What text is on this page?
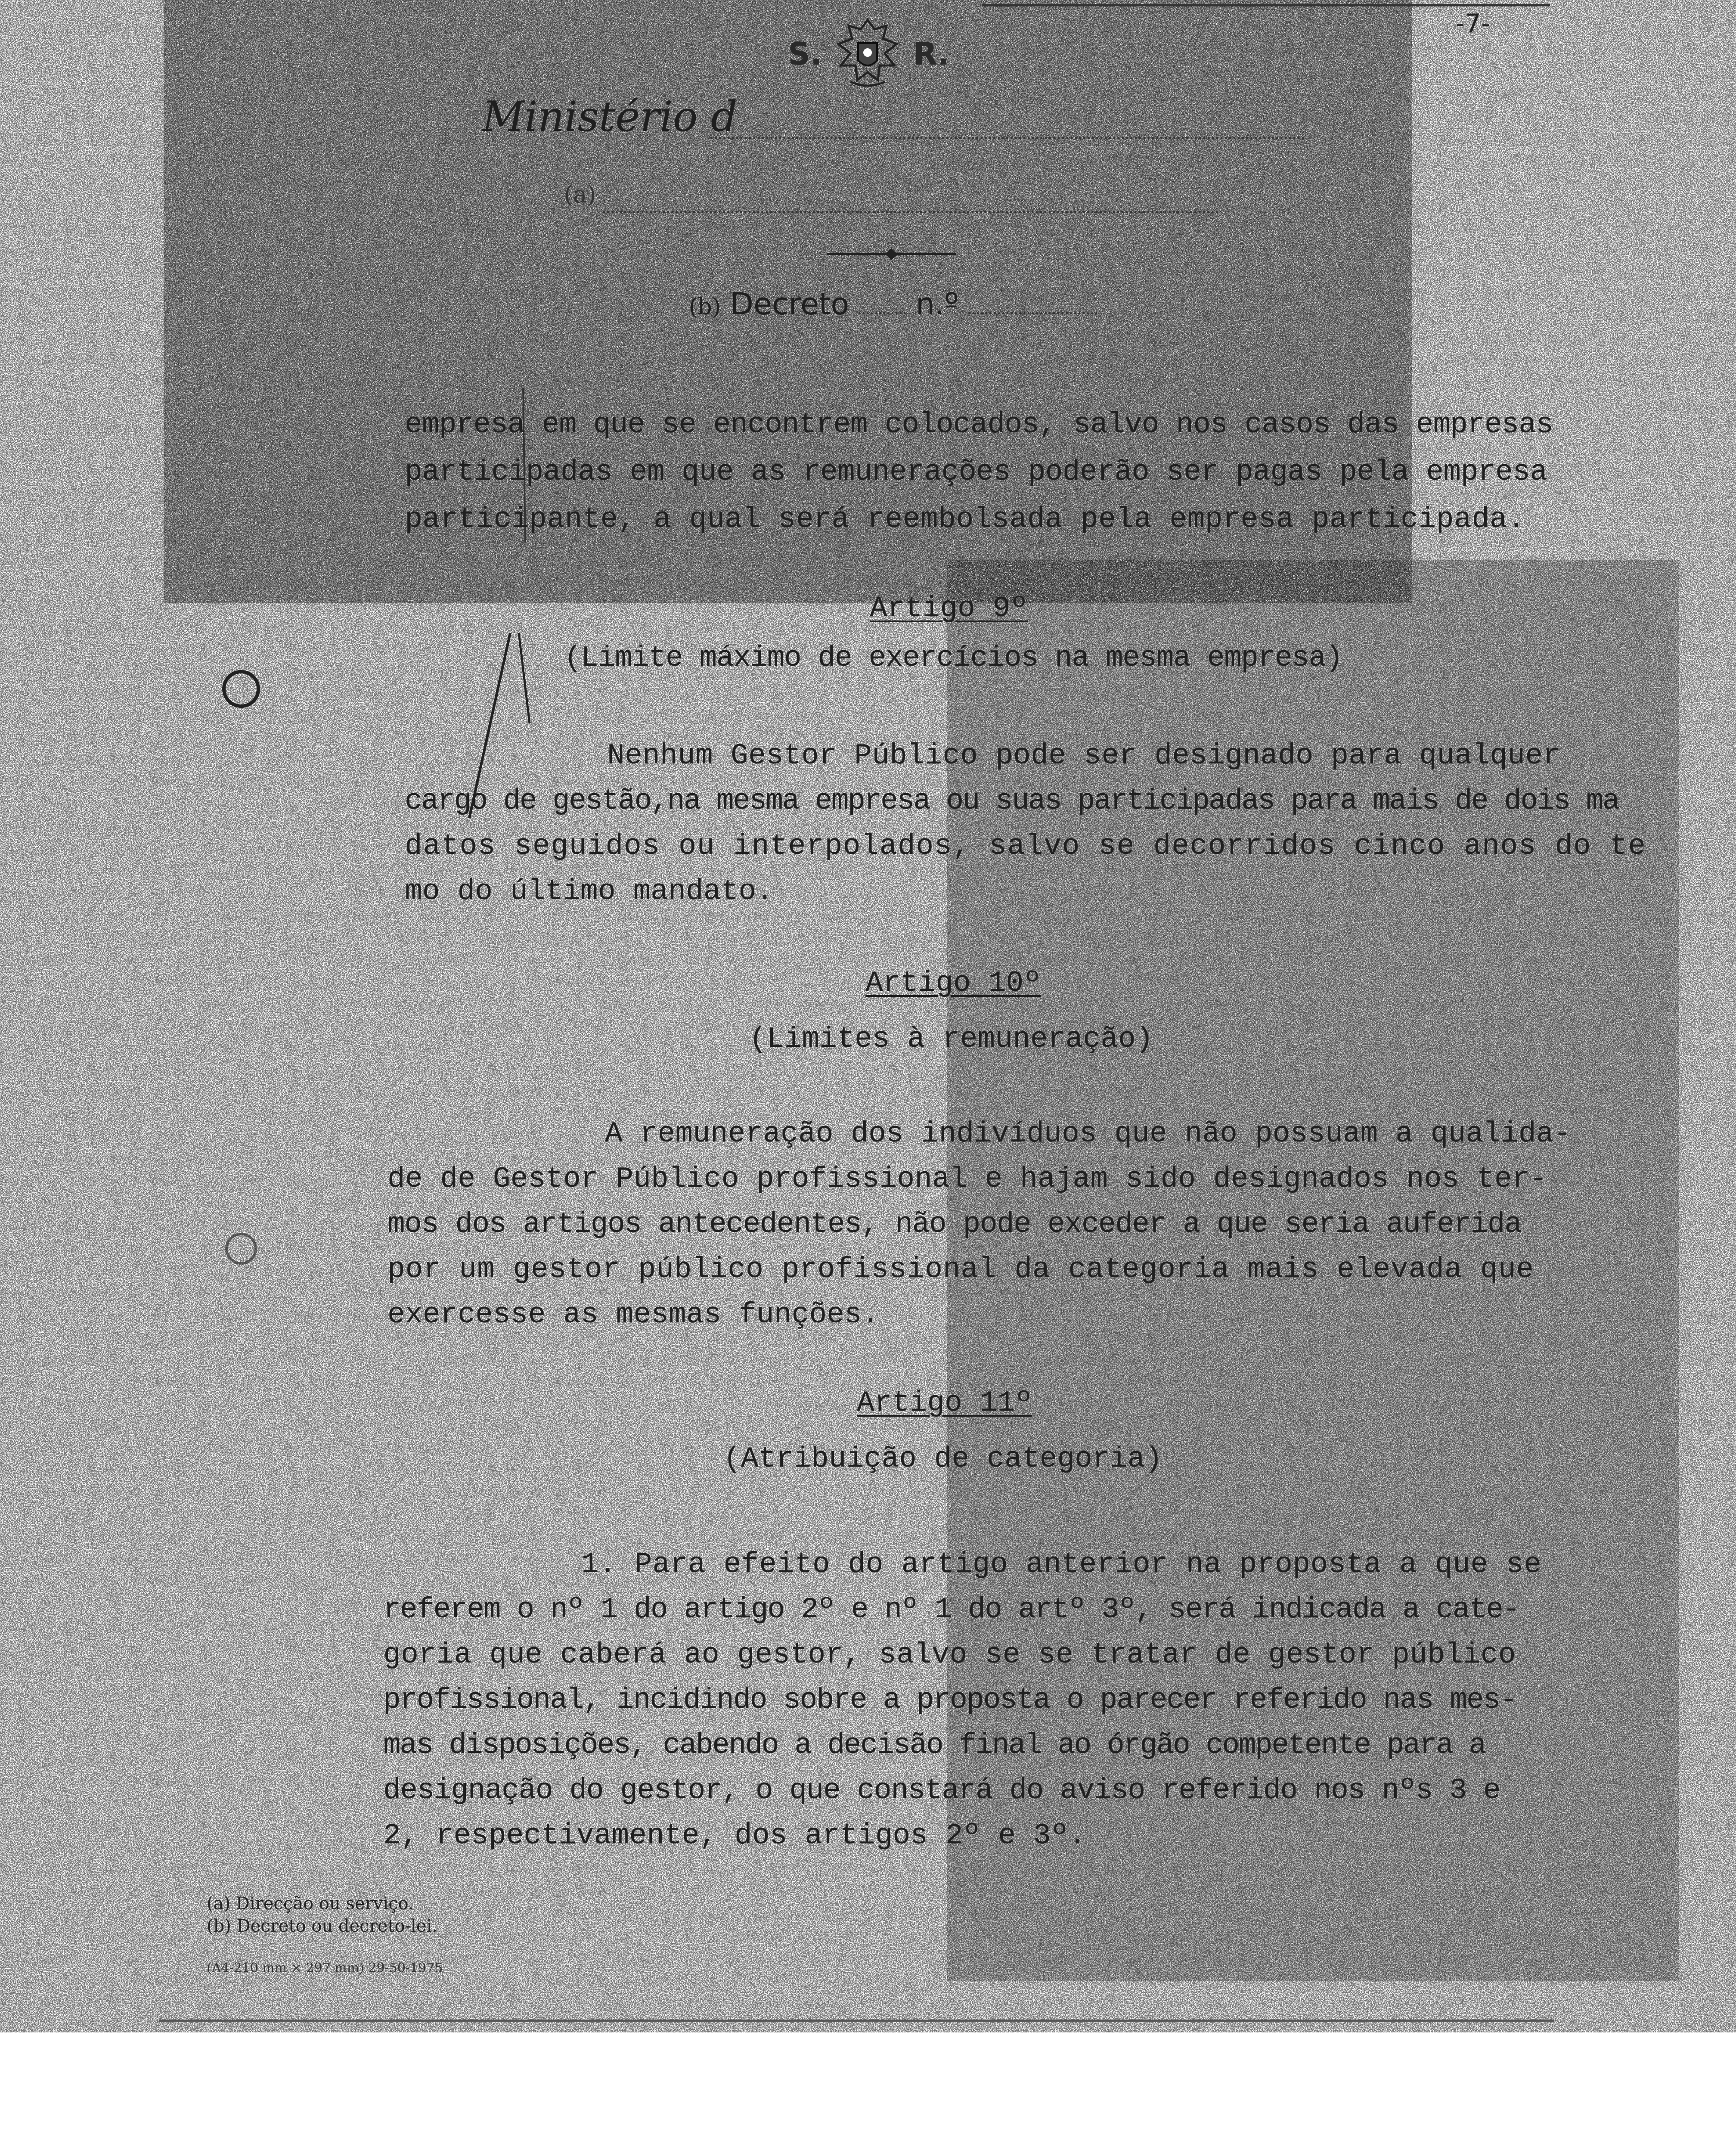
-7-
S.	R.
Ministério d
(a)
(b) Decreto n.º
empresa em que se encontrem colocados, salvo nos casos das empresas
participadas em que as remunerações poderão ser pagas pela empresa
participante, a qual será reembolsada pela empresa participada.
Artigo 9º
(Limite máximo de exercícios na mesma empresa)
Nenhum Gestor Público pode ser designado para qualquer
cargo de gestão,na mesma empresa ou suas participadas para mais de dois ma
datos seguidos ou interpolados, salvo se decorridos cinco anos do te
mo do último mandato.
Artigo 10º
(Limites à remuneração)
A remuneração dos indivíduos que não possuam a qualida-
de de Gestor Público profissional e hajam sido designados nos ter-
mos dos artigos antecedentes, não pode exceder a que seria auferida
por um gestor público profissional da categoria mais elevada que
exercesse as mesmas funções.
Artigo 11º
(Atribuição de categoria)
1. Para efeito do artigo anterior na proposta a que se
referem o nº 1 do artigo 2º e nº 1 do artº 3º, será indicada a cate-
goria que caberá ao gestor, salvo se se tratar de gestor público
profissional, incidindo sobre a proposta o parecer referido nas mes-
mas disposições, cabendo a decisão final ao órgão competente para a
designação do gestor, o que constará do aviso referido nos nºs 3 e
2, respectivamente, dos artigos 2º e 3º.
(a) Direcção ou serviço.
(b) Decreto ou decreto-lei.
(A4-210 mm × 297 mm) 29-50-1975
